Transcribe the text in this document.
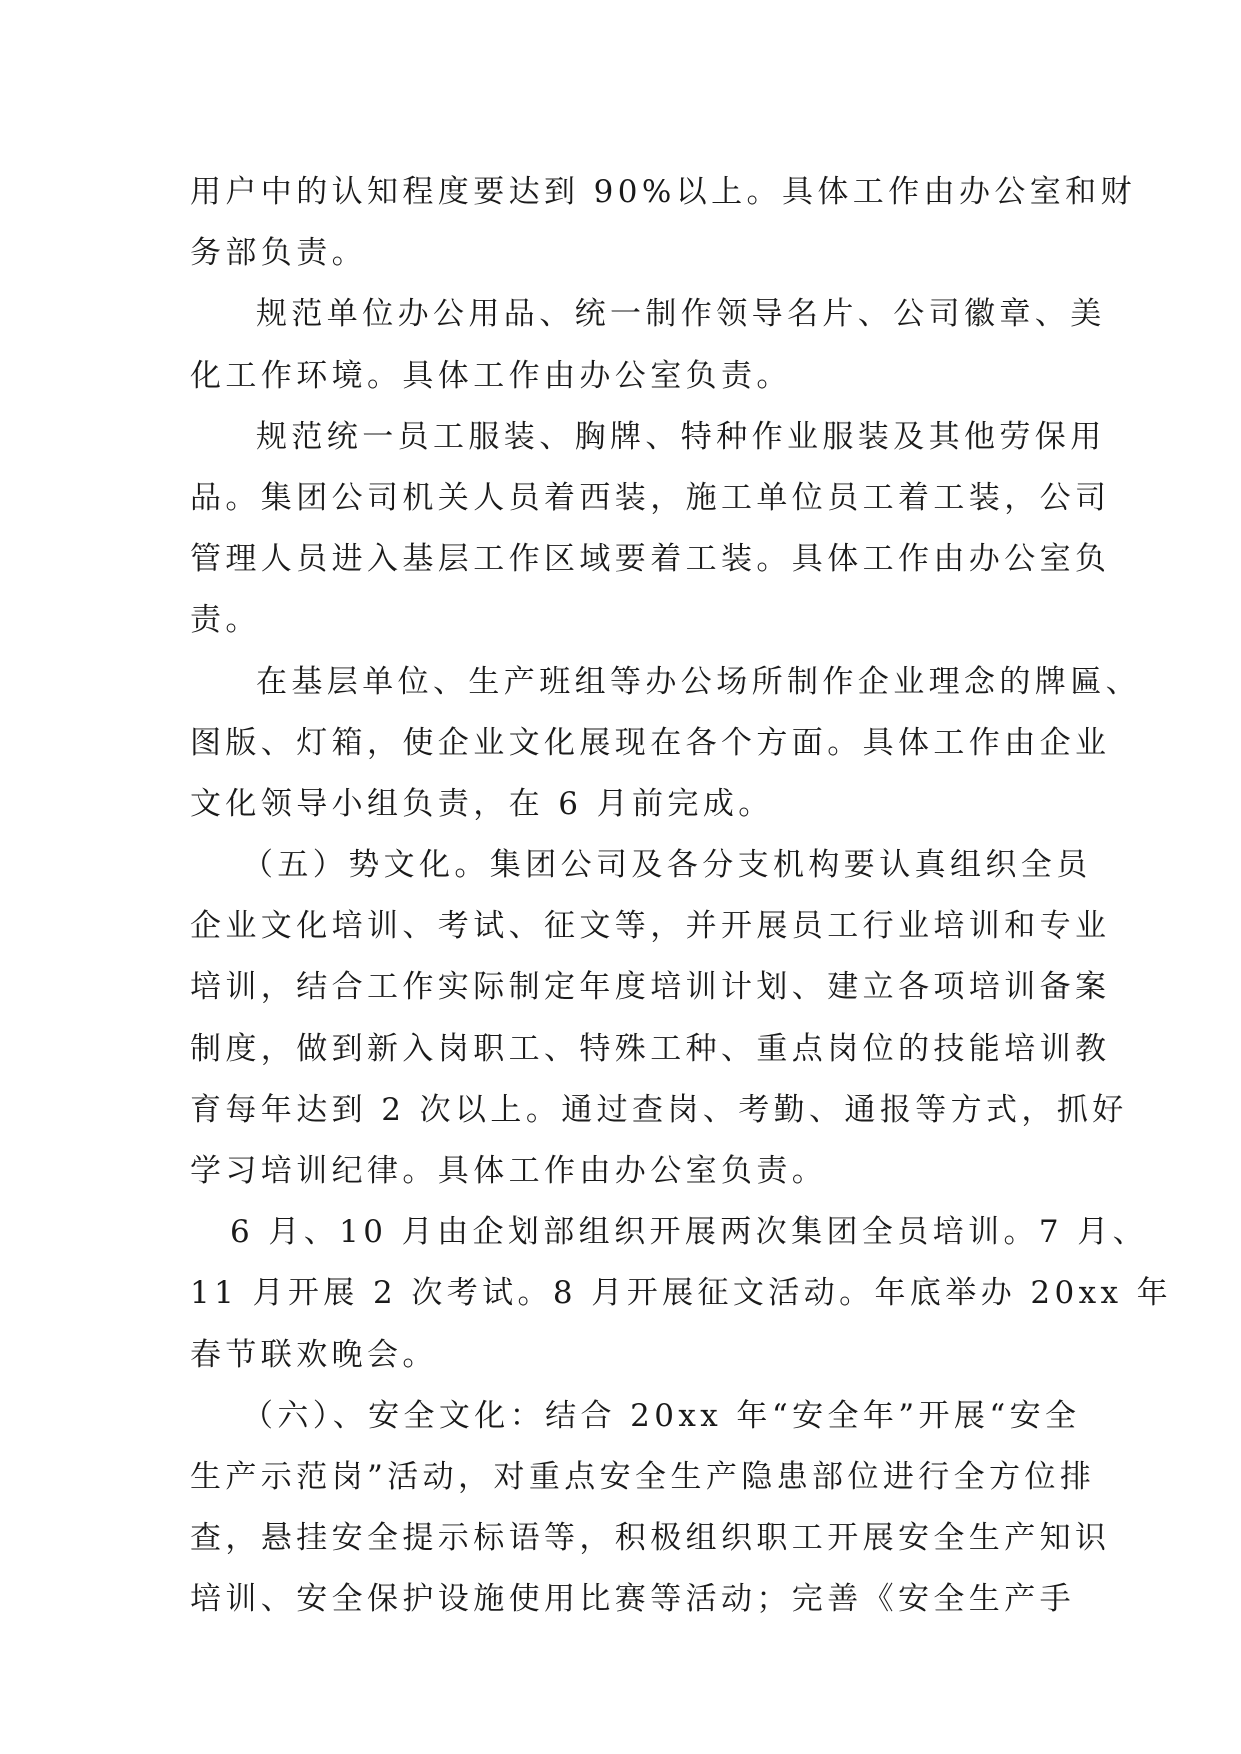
用户中的认知程度要达到 90%以上。具体工作由办公室和财
务部负责。
规范单位办公用品、统一制作领导名片、公司徽章、美
化工作环境。具体工作由办公室负责。
规范统一员工服装、胸牌、特种作业服装及其他劳保用
品。集团公司机关人员着西装，施工单位员工着工装，公司
管理人员进入基层工作区域要着工装。具体工作由办公室负
责。
在基层单位、生产班组等办公场所制作企业理念的牌匾、
图版、灯箱，使企业文化展现在各个方面。具体工作由企业
文化领导小组负责，在 6 月前完成。
（五）势文化。集团公司及各分支机构要认真组织全员
企业文化培训、考试、征文等，并开展员工行业培训和专业
培训，结合工作实际制定年度培训计划、建立各项培训备案
制度，做到新入岗职工、特殊工种、重点岗位的技能培训教
育每年达到 2 次以上。通过查岗、考勤、通报等方式，抓好
学习培训纪律。具体工作由办公室负责。
6 月、10 月由企划部组织开展两次集团全员培训。7 月、
11 月开展 2 次考试。8 月开展征文活动。年底举办 20xx 年
春节联欢晚会。
（六）、安全文化：结合 20xx 年“安全年”开展“安全
生产示范岗”活动，对重点安全生产隐患部位进行全方位排
查，悬挂安全提示标语等，积极组织职工开展安全生产知识
培训、安全保护设施使用比赛等活动；完善《安全生产手
